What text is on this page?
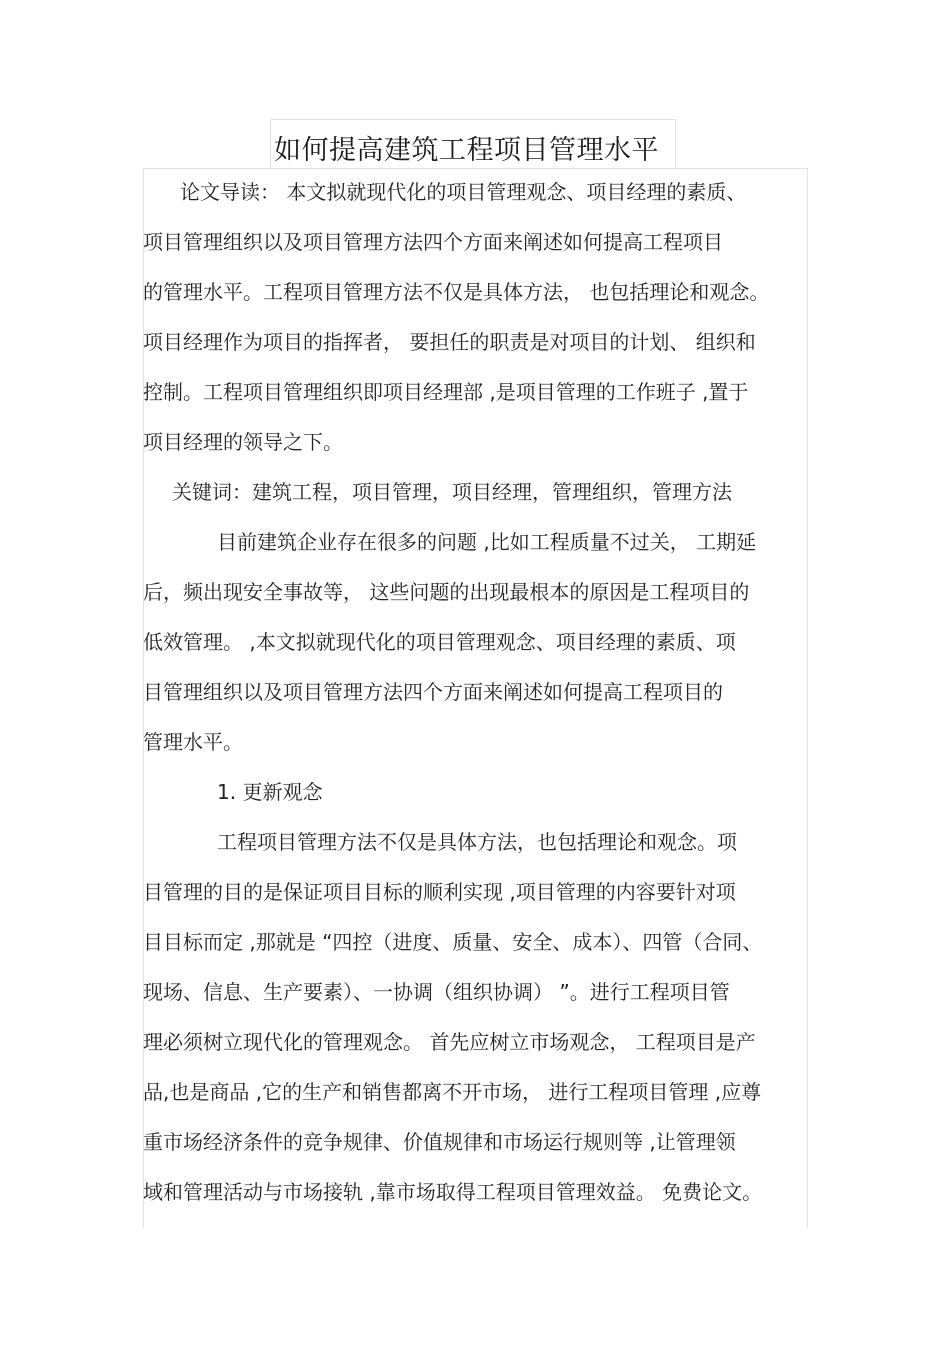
如何提高建筑工程项目管理水平
论文导读： 本文拟就现代化的项目管理观念、项目经理的素质、
项目管理组织以及项目管理方法四个方面来阐述如何提高工程项目
的管理水平。工程项目管理方法不仅是具体方法， 也包括理论和观念。
项目经理作为项目的指挥者， 要担任的职责是对项目的计划、 组织和
控制。工程项目管理组织即项目经理部 ,是项目管理的工作班子 ,置于
项目经理的领导之下。
关键词：建筑工程，项目管理，项目经理，管理组织，管理方法
目前建筑企业存在很多的问题 ,比如工程质量不过关， 工期延
后，频出现安全事故等， 这些问题的出现最根本的原因是工程项目的
低效管理。 ,本文拟就现代化的项目管理观念、项目经理的素质、项
目管理组织以及项目管理方法四个方面来阐述如何提高工程项目的
管理水平。
1. 更新观念
工程项目管理方法不仅是具体方法，也包括理论和观念。项
目管理的目的是保证项目目标的顺利实现 ,项目管理的内容要针对项
目目标而定 ,那就是 “四控（进度、质量、安全、成本）、四管（合同、
现场、信息、生产要素）、一协调（组织协调） ”。进行工程项目管
理必须树立现代化的管理观念。 首先应树立市场观念， 工程项目是产
品,也是商品 ,它的生产和销售都离不开市场， 进行工程项目管理 ,应尊
重市场经济条件的竞争规律、价值规律和市场运行规则等 ,让管理领
域和管理活动与市场接轨 ,靠市场取得工程项目管理效益。 免费论文。
